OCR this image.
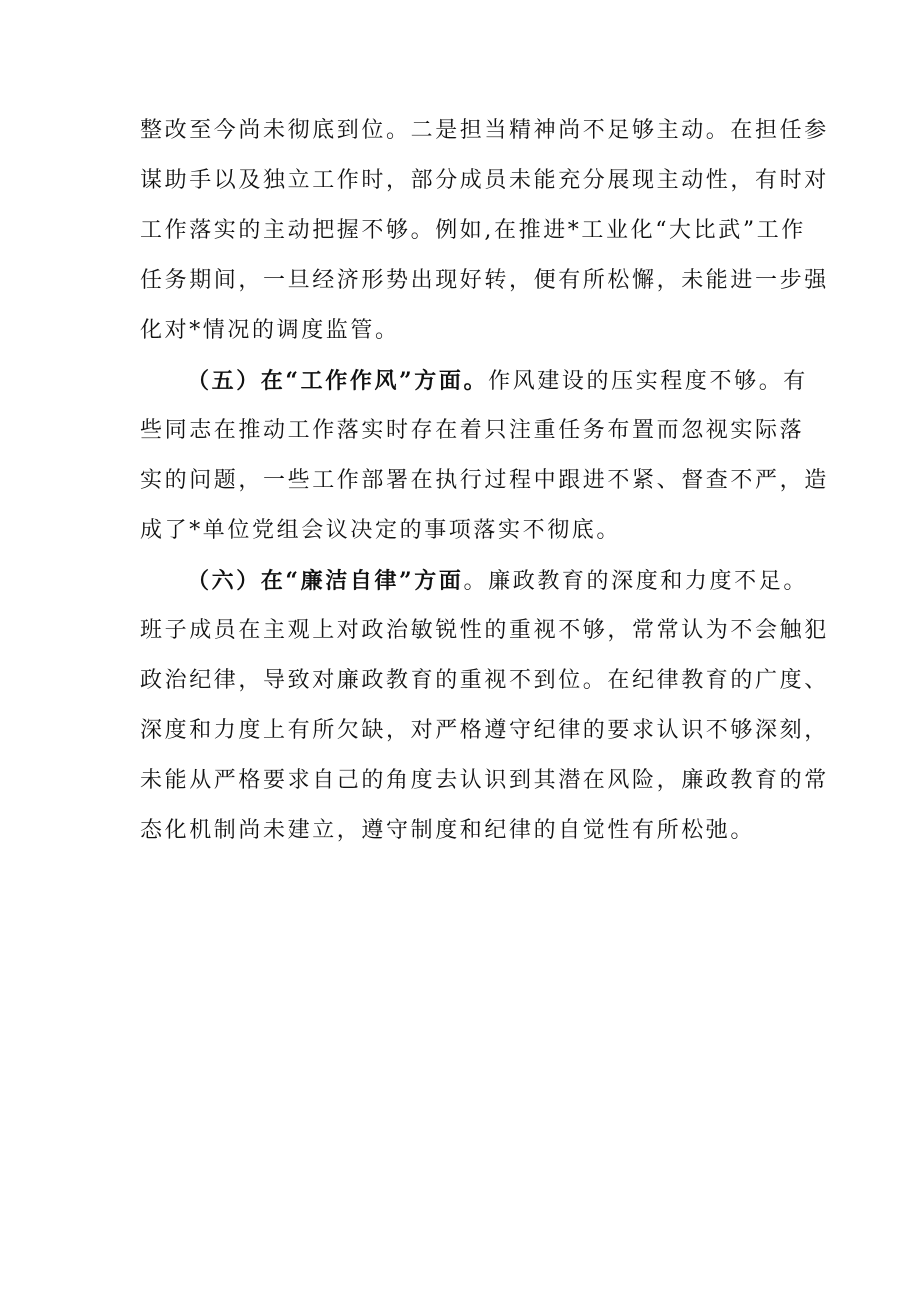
整改至今尚未彻底到位。二是担当精神尚不足够主动。在担任参
谋助手以及独立工作时，部分成员未能充分展现主动性，有时对
工作落实的主动把握不够。例如,在推进*工业化“大比武”工作
任务期间，一旦经济形势出现好转，便有所松懈，未能进一步强
化对*情况的调度监管。
（五）在“工作作风”方面。作风建设的压实程度不够。有
些同志在推动工作落实时存在着只注重任务布置而忽视实际落
实的问题，一些工作部署在执行过程中跟进不紧、督查不严，造
成了*单位党组会议决定的事项落实不彻底。
（六）在“廉洁自律”方面。廉政教育的深度和力度不足。
班子成员在主观上对政治敏锐性的重视不够，常常认为不会触犯
政治纪律，导致对廉政教育的重视不到位。在纪律教育的广度、
深度和力度上有所欠缺，对严格遵守纪律的要求认识不够深刻，
未能从严格要求自己的角度去认识到其潜在风险，廉政教育的常
态化机制尚未建立，遵守制度和纪律的自觉性有所松弛。
